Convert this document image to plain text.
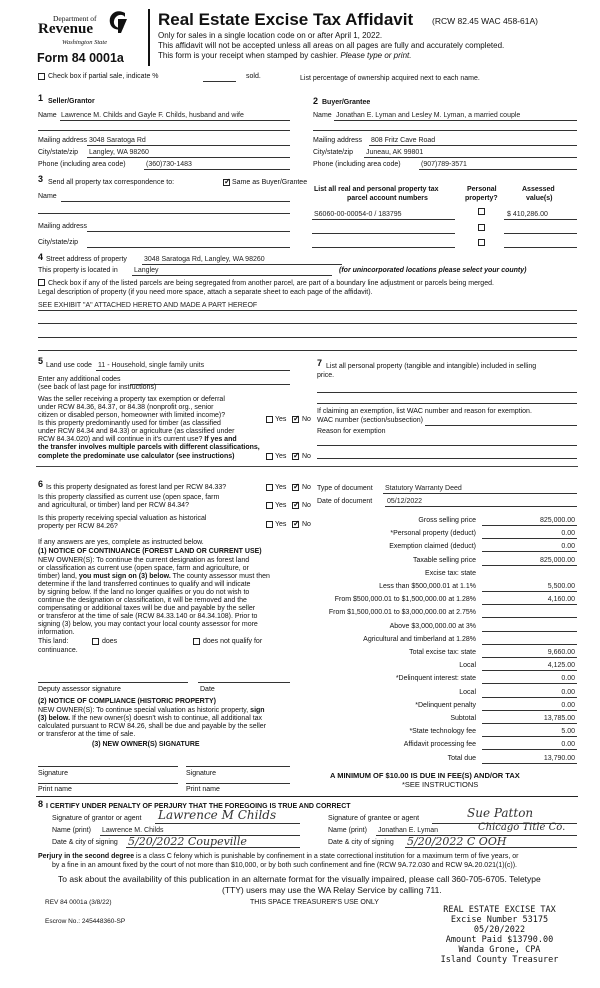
Department of
Revenue
Washington State
Form 84 0001a
Real Estate Excise Tax Affidavit (RCW 82.45 WAC 458-61A)
Only for sales in a single location code on or after April 1, 2022.
This affidavit will not be accepted unless all areas on all pages are fully and accurately completed.
This form is your receipt when stamped by cashier. Please type or print.
Check box if partial sale, indicate %	sold.	List percentage of ownership acquired next to each name.
1 Seller/Grantor
Name Lawrence M. Childs and Gayle F. Childs, husband and wife
Mailing address 3048 Saratoga Rd
City/state/zip Langley, WA 98260
Phone (including area code)	(360)730-1483
2 Buyer/Grantee
Name Jonathan E. Lyman and Lesley M. Lyman, a married couple
Mailing address 808 Fritz Cave Road
City/state/zip Juneau, AK 99801
Phone (including area code)	(907)789-3571
3 Send all property tax correspondence to: ✓	Same as Buyer/Grantee
Name
Mailing address
City/state/zip
List all real and personal property tax
parcel account numbers
Personal
property?
Assessed
value(s)
S6060-00-00054-0 / 183795	$ 410,286.00
4 Street address of property 3048 Saratoga Rd, Langley, WA 98260
This property is located in Langley	(for unincorporated locations please select your county)
Check box if any of the listed parcels are being segregated from another parcel, are part of a boundary line adjustment or parcels being merged.
Legal description of property (if you need more space, attach a separate sheet to each page of the affidavit).
SEE EXHIBIT "A" ATTACHED HERETO AND MADE A PART HEREOF
5 Land use code 11 - Household, single family units
Enter any additional codes
(see back of last page for instructions)
Was the seller receiving a property tax exemption or deferral
under RCW 84.36, 84.37, or 84.38 (nonprofit org., senior
citizen or disabled person, homeowner with limited income)?
Yes ✓ No
Is this property predominantly used for timber (as classified
under RCW 84.34 and 84.33) or agriculture (as classified under
RCW 84.34.020) and will continue in it's current use? If yes and
the transfer involves multiple parcels with different classifications,
complete the predominate use calculator (see instructions)	Yes ✓ No
7 List all personal property (tangible and intangible) included in selling
price.
If claiming an exemption, list WAC number and reason for exemption.
WAC number (section/subsection)
Reason for exemption
6 Is this property designated as forest land per RCW 84.33?	Yes ✓ No
Is this property classified as current use (open space, farm
and agricultural, or timber) land per RCW 84.34?	Yes ✓ No
Is this property receiving special valuation as historical
property per RCW 84.26?	Yes ✓ No
If any answers are yes, complete as instructed below.
(1) NOTICE OF CONTINUANCE (FOREST LAND OR CURRENT USE)
NEW OWNER(S): To continue the current designation as forest land
or classification as current use (open space, farm and agriculture, or
timber) land, you must sign on (3) below. The county assessor must then
determine if the land transferred continues to qualify and will indicate
by signing below. If the land no longer qualifies or you do not wish to
continue the designation or classification, it will be removed and the
compensating or additional taxes will be due and payable by the seller
or transferor at the time of sale (RCW 84.33.140 or 84.34.108). Prior to
signing (3) below, you may contact your local county assessor for more
information.
This land:	does	does not qualify for
continuance.
Deputy assessor signature	Date
(2) NOTICE OF COMPLIANCE (HISTORIC PROPERTY)
NEW OWNER(S): To continue special valuation as historic property, sign
(3) below. If the new owner(s) doesn't wish to continue, all additional tax
calculated pursuant to RCW 84.26, shall be due and payable by the seller
or transferor at the time of sale.
(3) NEW OWNER(S) SIGNATURE
Signature	Signature
Print name	Print name
Type of document Statutory Warranty Deed
Date of document 05/12/2022
Gross selling price	825,000.00
*Personal property (deduct)	0.00
Exemption claimed (deduct)	0.00
Taxable selling price	825,000.00
Excise tax: state
Less than $500,000.01 at 1.1%	5,500.00
From $500,000.01 to $1,500,000.00 at 1.28%	4,160.00
From $1,500,000.01 to $3,000,000.00 at 2.75%
Above $3,000,000.00 at 3%
Agricultural and timberland at 1.28%
Total excise tax: state	9,660.00
Local	4,125.00
*Delinquent interest: state	0.00
Local	0.00
*Delinquent penalty	0.00
Subtotal	13,785.00
*State technology fee	5.00
Affidavit processing fee	0.00
Total due	13,790.00
A MINIMUM OF $10.00 IS DUE IN FEE(S) AND/OR TAX
*SEE INSTRUCTIONS
8 I CERTIFY UNDER PENALTY OF PERJURY THAT THE FOREGOING IS TRUE AND CORRECT
Signature of grantor or agent Lawrence M Childs
Name (print) Lawrence M. Childs
Date & city of signing 5/20/2022 Coupeville
Signature of grantee or agent	Sue Patton
Name (print) Jonathan E. Lyman	Chicago Title Co.
Date & city of signing 5/20/2022 C OOH
Perjury in the second degree is a class C felony which is punishable by confinement in a state correctional institution for a maximum term of five years, or
by a fine in an amount fixed by the court of not more than $10,000, or by both such confinement and fine (RCW 9A.72.030 and RCW 9A.20.021(1)(c)).
To ask about the availability of this publication in an alternate format for the visually impaired, please call 360-705-6705. Teletype
(TTY) users may use the WA Relay Service by calling 711.
REV 84 0001a (3/8/22)	THIS SPACE TREASURER'S USE ONLY
Escrow No.: 245448360-SP
REAL ESTATE EXCISE TAX
Excise Number 53175
05/20/2022
Amount Paid $13790.00
Wanda Grone, CPA
Island County Treasurer
